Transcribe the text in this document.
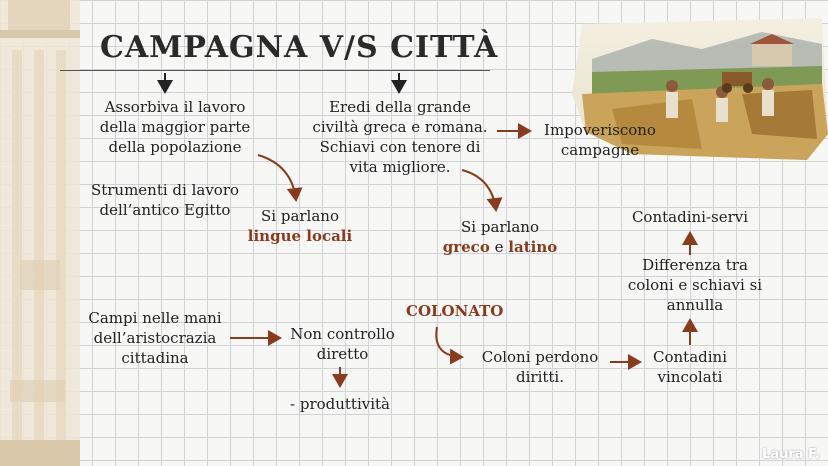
CAMPAGNA V/S CITTÀ
Assorbiva il lavoro
della maggior parte
della popolazione
Strumenti di lavoro
dell’antico Egitto	Si parlano
lingue locali
Eredi della grande
civiltà greca e romana.
Schiavi con tenore di
vita migliore.
Impoveriscono
campagne
Si parlano
greco e latino
Contadini-servi
Differenza tra
coloni e schiavi si
annulla
Campi nelle mani
dell’aristocrazia
cittadina
Non controllo
diretto
- produttività
COLONATO
Coloni perdono
diritti.
Contadini
vincolati
Laura F.
